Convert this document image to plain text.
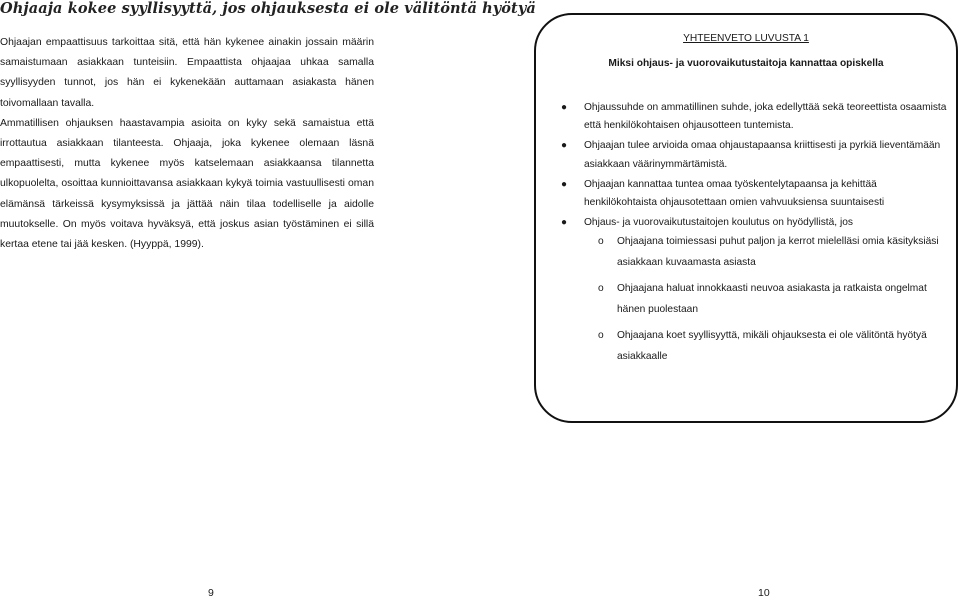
Ohjaaja kokee syyllisyyttä, jos ohjauksesta ei ole välitöntä hyötyä

Ohjaajan empaattisuus tarkoittaa sitä, että hän kykenee ainakin jossain määrin samaistumaan asiakkaan tunteisiin. Empaattista ohjaajaa uhkaa samalla syyllisyyden tunnot, jos hän ei kykenekään auttamaan asiakasta hänen toivomallaan tavalla.

Ammatillisen ohjauksen haastavampia asioita on kyky sekä samaistua että irrottautua asiakkaan tilanteesta. Ohjaaja, joka kykenee olemaan läsnä empaattisesti, mutta kykenee myös katselemaan asiakkaansa tilannetta ulkopuolelta, osoittaa kunnioittavansa asiakkaan kykyä toimia vastuullisesti oman elämänsä tärkeissä kysymyksissä ja jättää näin tilaa todelliselle ja aidolle muutokselle. On myös voitava hyväksyä, että joskus asian työstäminen ei sillä kertaa etene tai jää kesken. (Hyyppä, 1999).

YHTEENVETO LUVUSTA 1

Miksi ohjaus- ja vuorovaikutustaitoja kannattaa opiskella

● Ohjaussuhde on ammatillinen suhde, joka edellyttää sekä teoreettista osaamista että henkilökohtaisen ohjausotteen tuntemista.
● Ohjaajan tulee arvioida omaa ohjaustapaansa kriittisesti ja pyrkiä lieventämään asiakkaan väärinymmärtämistä.
● Ohjaajan kannattaa tuntea omaa työskentelytapaansa ja kehittää henkilökohtaista ohjausotettaan omien vahvuuksiensa suuntaisesti
● Ohjaus- ja vuorovaikutustaitojen koulutus on hyödyllistä, jos
o Ohjaajana toimiessasi puhut paljon ja kerrot mielelläsi omia käsityksiäsi asiakkaan kuvaamasta asiasta
o Ohjaajana haluat innokkaasti neuvoa asiakasta ja ratkaista ongelmat hänen puolestaan
o Ohjaajana koet syyllisyyttä, mikäli ohjauksesta ei ole välitöntä hyötyä asiakkaalle

9	10
